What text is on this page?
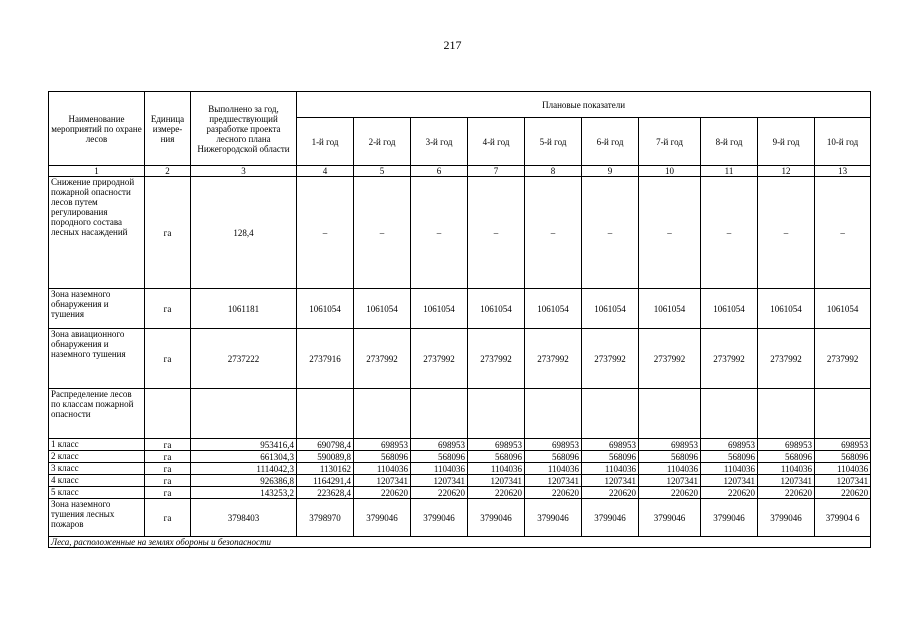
217
Наименование мероприятий по охране лесов	Единица измере-ния	Выполнено за год, предшествующий разработке проекта лесного плана Нижегородской области	Плановые показатели									
			1-й год	2-й год	3-й год	4-й год	5-й год	6-й год	7-й год	8-й год	9-й год	10-й год
1	2	3	4	5	6	7	8	9	10	11	12	13
Снижение природной пожарной опасности лесов путем регулирования породного состава лесных насаждений	га	128,4	–	–	–	–	–	–	–	–	–	–
Зона наземного обнаружения и тушения	га	1061181	1061054	1061054	1061054	1061054	1061054	1061054	1061054	1061054	1061054	1061054
Зона авиационного обнаружения и наземного тушения	га	2737222	2737916	2737992	2737992	2737992	2737992	2737992	2737992	2737992	2737992	2737992
Распределение лесов по классам пожарной опасности												
1 класс	га	953416,4	690798,4	698953	698953	698953	698953	698953	698953	698953	698953	698953
2 класс	га	661304,3	590089,8	568096	568096	568096	568096	568096	568096	568096	568096	568096
3 класс	га	1114042,3	1130162	1104036	1104036	1104036	1104036	1104036	1104036	1104036	1104036	1104036
4 класс	га	926386,8	1164291,4	1207341	1207341	1207341	1207341	1207341	1207341	1207341	1207341	1207341
5 класс	га	143253,2	223628,4	220620	220620	220620	220620	220620	220620	220620	220620	220620
Зона наземного тушения лесных пожаров	га	3798403	3798970	3799046	3799046	3799046	3799046	3799046	3799046	3799046	3799046	379904 6
Леса, расположенные на землях обороны и безопасности												
